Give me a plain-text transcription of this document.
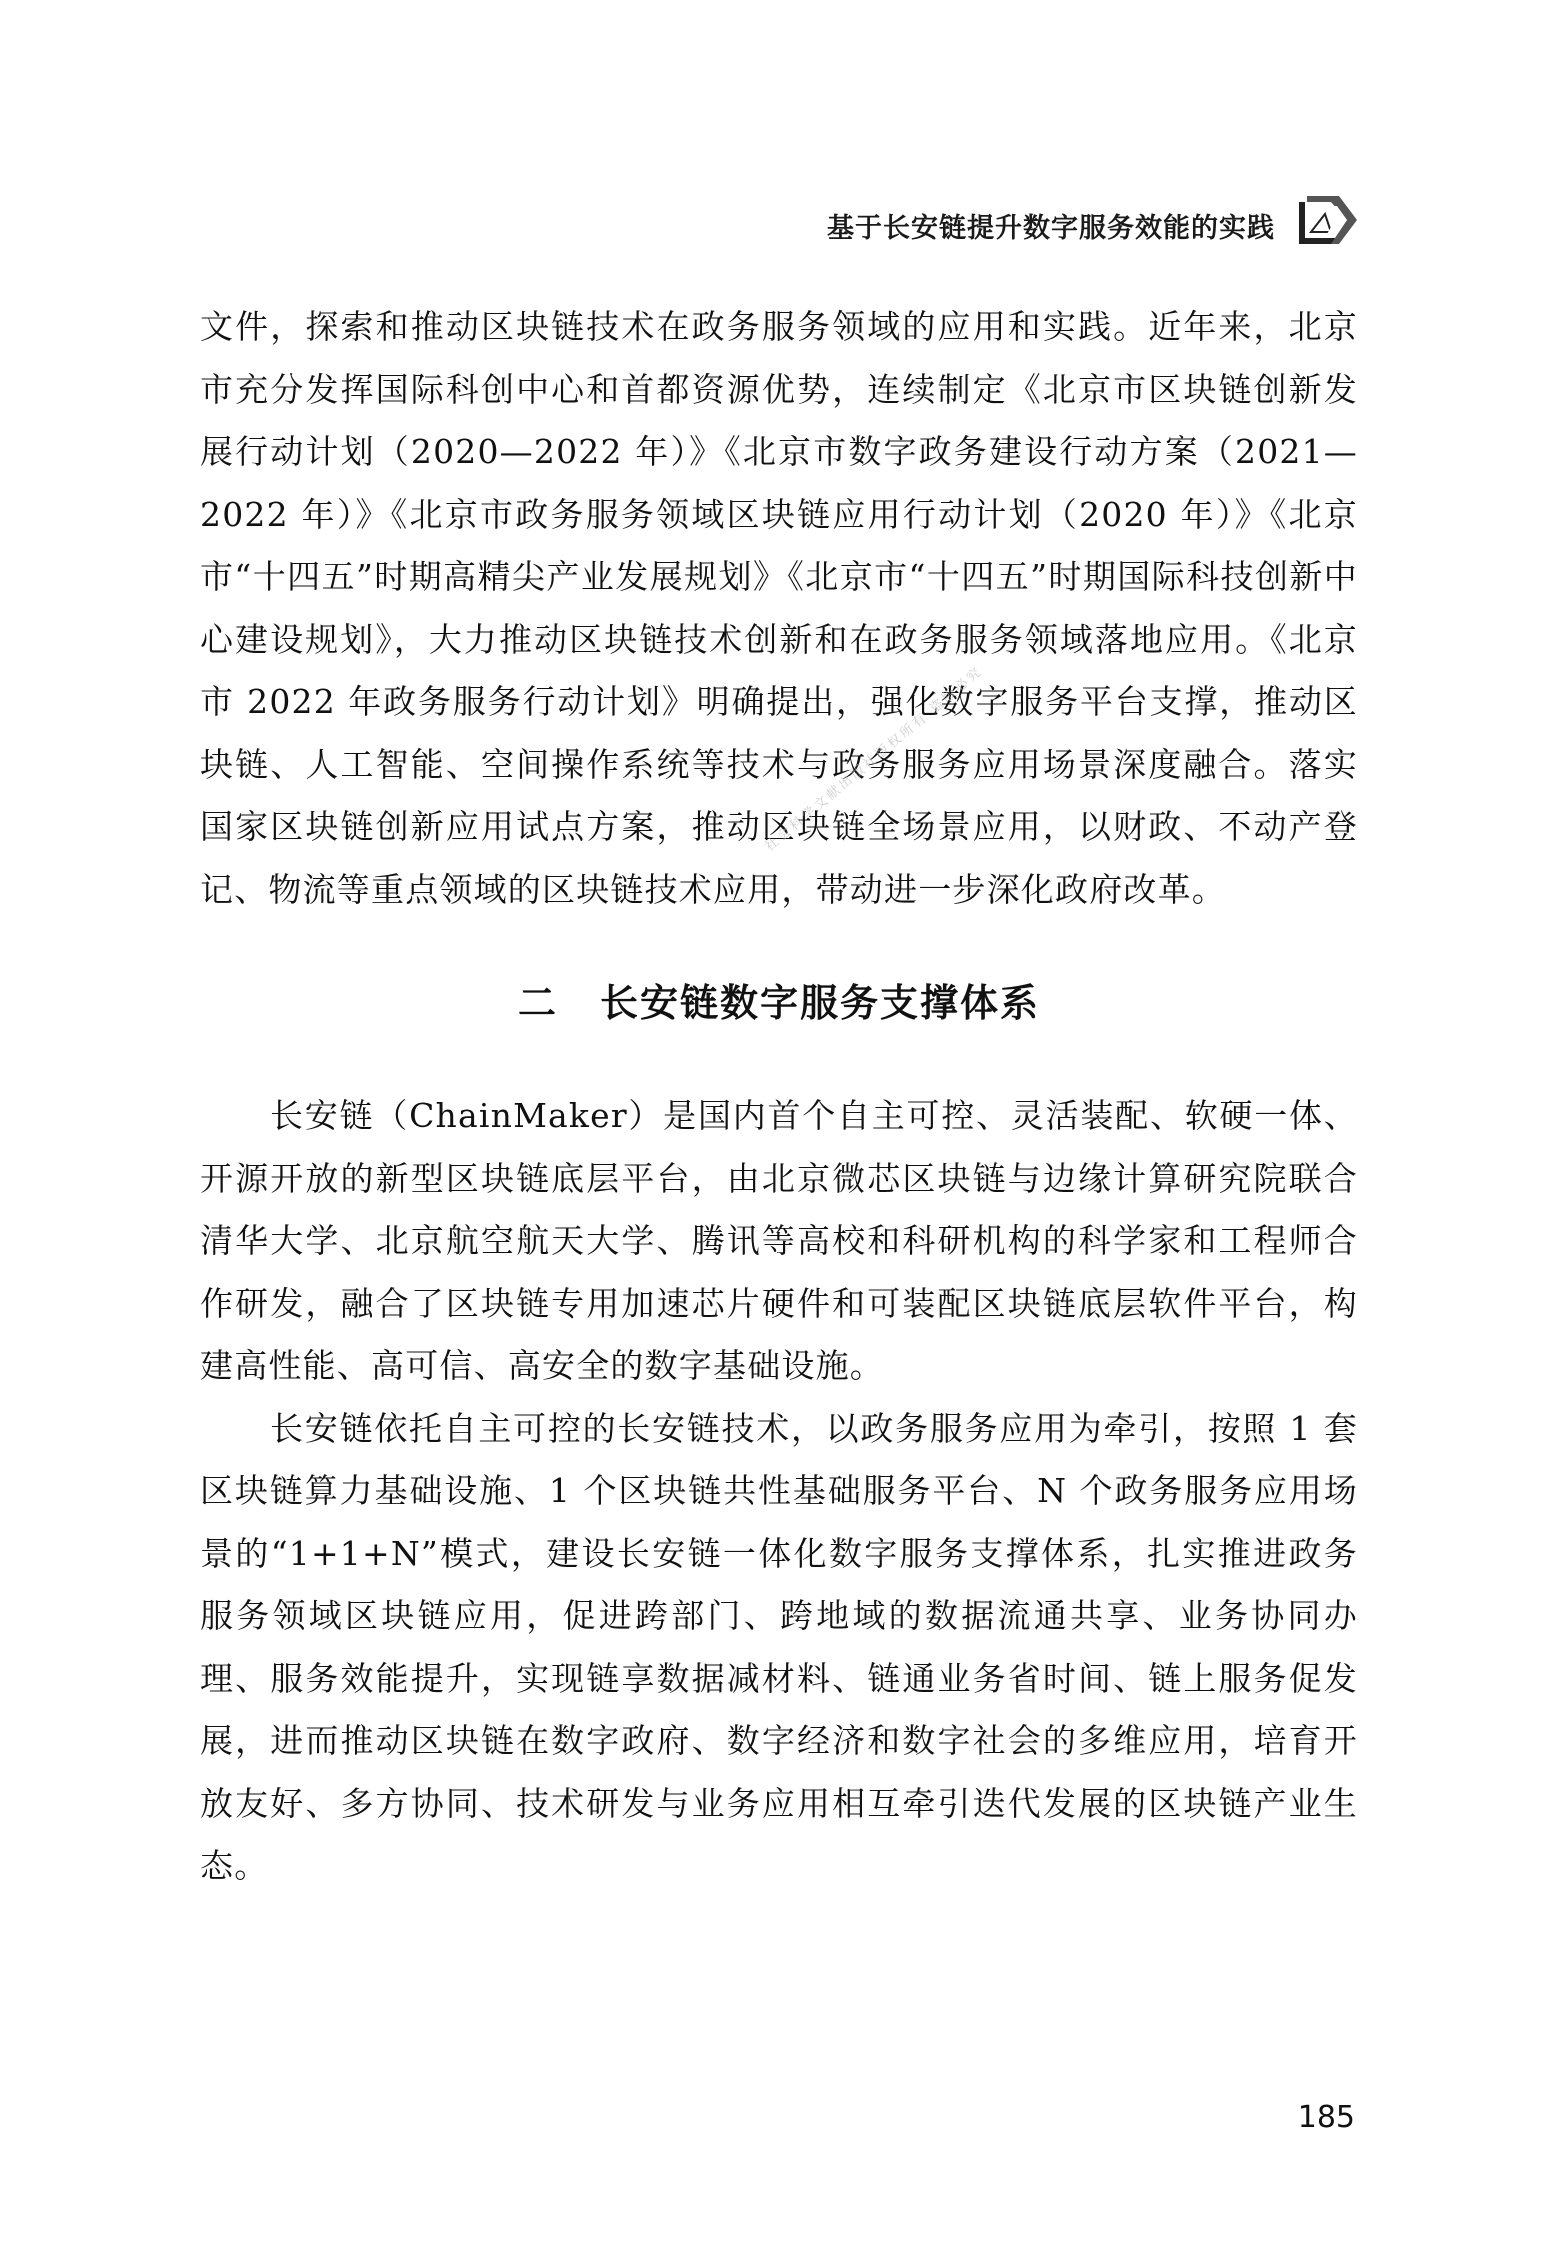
基于长安链提升数字服务效能的实践

文件，探索和推动区块链技术在政务服务领域的应用和实践。近年来，北京市充分发挥国际科创中心和首都资源优势，连续制定《北京市区块链创新发展行动计划（2020—2022 年）》《北京市数字政务建设行动方案（2021—2022 年）》《北京市政务服务领域区块链应用行动计划（2020 年）》《北京市“十四五”时期高精尖产业发展规划》《北京市“十四五”时期国际科技创新中心建设规划》，大力推动区块链技术创新和在政务服务领域落地应用。《北京市 2022 年政务服务行动计划》明确提出，强化数字服务平台支撑，推动区块链、人工智能、空间操作系统等技术与政务服务应用场景深度融合。落实国家区块链创新应用试点方案，推动区块链全场景应用，以财政、不动产登记、物流等重点领域的区块链技术应用，带动进一步深化政府改革。

二 长安链数字服务支撑体系

长安链（ChainMaker）是国内首个自主可控、灵活装配、软硬一体、开源开放的新型区块链底层平台，由北京微芯区块链与边缘计算研究院联合清华大学、北京航空航天大学、腾讯等高校和科研机构的科学家和工程师合作研发，融合了区块链专用加速芯片硬件和可装配区块链底层软件平台，构建高性能、高可信、高安全的数字基础设施。

长安链依托自主可控的长安链技术，以政务服务应用为牵引，按照 1 套区块链算力基础设施、1 个区块链共性基础服务平台、N 个政务服务应用场景的“1+1+N”模式，建设长安链一体化数字服务支撑体系，扎实推进政务服务领域区块链应用，促进跨部门、跨地域的数据流通共享、业务协同办理、服务效能提升，实现链享数据减材料、链通业务省时间、链上服务促发展，进而推动区块链在数字政府、数字经济和数字社会的多维应用，培育开放友好、多方协同、技术研发与业务应用相互牵引迭代发展的区块链产业生态。

社会科学文献出版社版权所有 盗版必究
185
